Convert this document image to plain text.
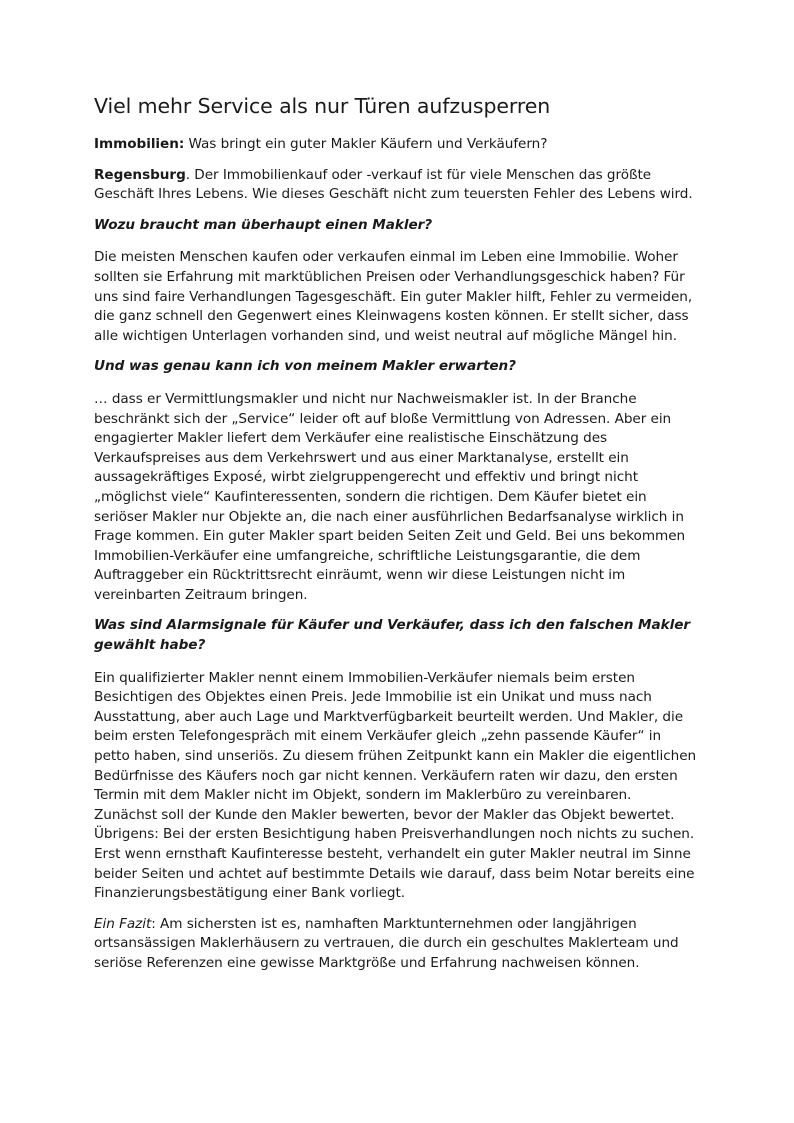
Viel mehr Service als nur Türen aufzusperren

Immobilien: Was bringt ein guter Makler Käufern und Verkäufern?

Regensburg. Der Immobilienkauf oder -verkauf ist für viele Menschen das größte Geschäft Ihres Lebens. Wie dieses Geschäft nicht zum teuersten Fehler des Lebens wird.

Wozu braucht man überhaupt einen Makler?

Die meisten Menschen kaufen oder verkaufen einmal im Leben eine Immobilie. Woher sollten sie Erfahrung mit marktüblichen Preisen oder Verhandlungsgeschick haben? Für uns sind faire Verhandlungen Tagesgeschäft. Ein guter Makler hilft, Fehler zu vermeiden, die ganz schnell den Gegenwert eines Kleinwagens kosten können. Er stellt sicher, dass alle wichtigen Unterlagen vorhanden sind, und weist neutral auf mögliche Mängel hin.

Und was genau kann ich von meinem Makler erwarten?

… dass er Vermittlungsmakler und nicht nur Nachweismakler ist. In der Branche beschränkt sich der „Service“ leider oft auf bloße Vermittlung von Adressen. Aber ein engagierter Makler liefert dem Verkäufer eine realistische Einschätzung des Verkaufspreises aus dem Verkehrswert und aus einer Marktanalyse, erstellt ein aussagekräftiges Exposé, wirbt zielgruppengerecht und effektiv und bringt nicht „möglichst viele“ Kaufinteressenten, sondern die richtigen. Dem Käufer bietet ein seriöser Makler nur Objekte an, die nach einer ausführlichen Bedarfsanalyse wirklich in Frage kommen. Ein guter Makler spart beiden Seiten Zeit und Geld. Bei uns bekommen Immobilien-Verkäufer eine umfangreiche, schriftliche Leistungsgarantie, die dem Auftraggeber ein Rücktrittsrecht einräumt, wenn wir diese Leistungen nicht im vereinbarten Zeitraum bringen.

Was sind Alarmsignale für Käufer und Verkäufer, dass ich den falschen Makler gewählt habe?

Ein qualifizierter Makler nennt einem Immobilien-Verkäufer niemals beim ersten Besichtigen des Objektes einen Preis. Jede Immobilie ist ein Unikat und muss nach Ausstattung, aber auch Lage und Marktverfügbarkeit beurteilt werden. Und Makler, die beim ersten Telefongespräch mit einem Verkäufer gleich „zehn passende Käufer“ in petto haben, sind unseriös. Zu diesem frühen Zeitpunkt kann ein Makler die eigentlichen Bedürfnisse des Käufers noch gar nicht kennen. Verkäufern raten wir dazu, den ersten Termin mit dem Makler nicht im Objekt, sondern im Maklerbüro zu vereinbaren. Zunächst soll der Kunde den Makler bewerten, bevor der Makler das Objekt bewertet. Übrigens: Bei der ersten Besichtigung haben Preisverhandlungen noch nichts zu suchen. Erst wenn ernsthaft Kaufinteresse besteht, verhandelt ein guter Makler neutral im Sinne beider Seiten und achtet auf bestimmte Details wie darauf, dass beim Notar bereits eine Finanzierungsbestätigung einer Bank vorliegt.

Ein Fazit: Am sichersten ist es, namhaften Marktunternehmen oder langjährigen ortsansässigen Maklerhäusern zu vertrauen, die durch ein geschultes Maklerteam und seriöse Referenzen eine gewisse Marktgröße und Erfahrung nachweisen können.
